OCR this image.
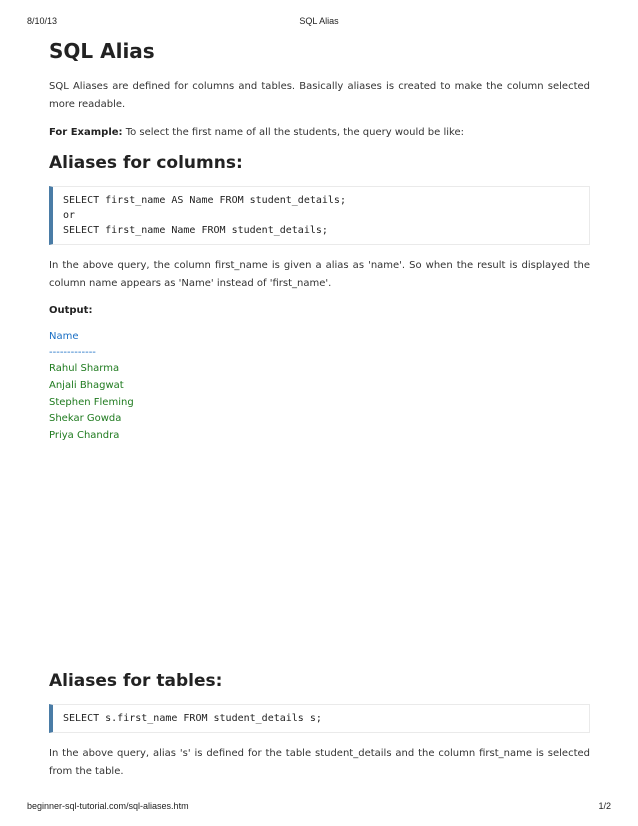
8/10/13	SQL Alias
SQL Alias

SQL Aliases are defined for columns and tables. Basically aliases is created to make the column selected more readable.

For Example: To select the first name of all the students, the query would be like:

Aliases for columns:
SELECT first_name AS Name FROM student_details;
or
SELECT first_name Name FROM student_details;

In the above query, the column first_name is given a alias as 'name'. So when the result is displayed the column name appears as 'Name' instead of 'first_name'.

Output:
Name
-------------
Rahul Sharma
Anjali Bhagwat
Stephen Fleming
Shekar Gowda
Priya Chandra
Aliases for tables:
SELECT s.first_name FROM student_details s;

In the above query, alias 's' is defined for the table student_details and the column first_name is selected from the table.

beginner-sql-tutorial.com/sql-aliases.htm	1/2
